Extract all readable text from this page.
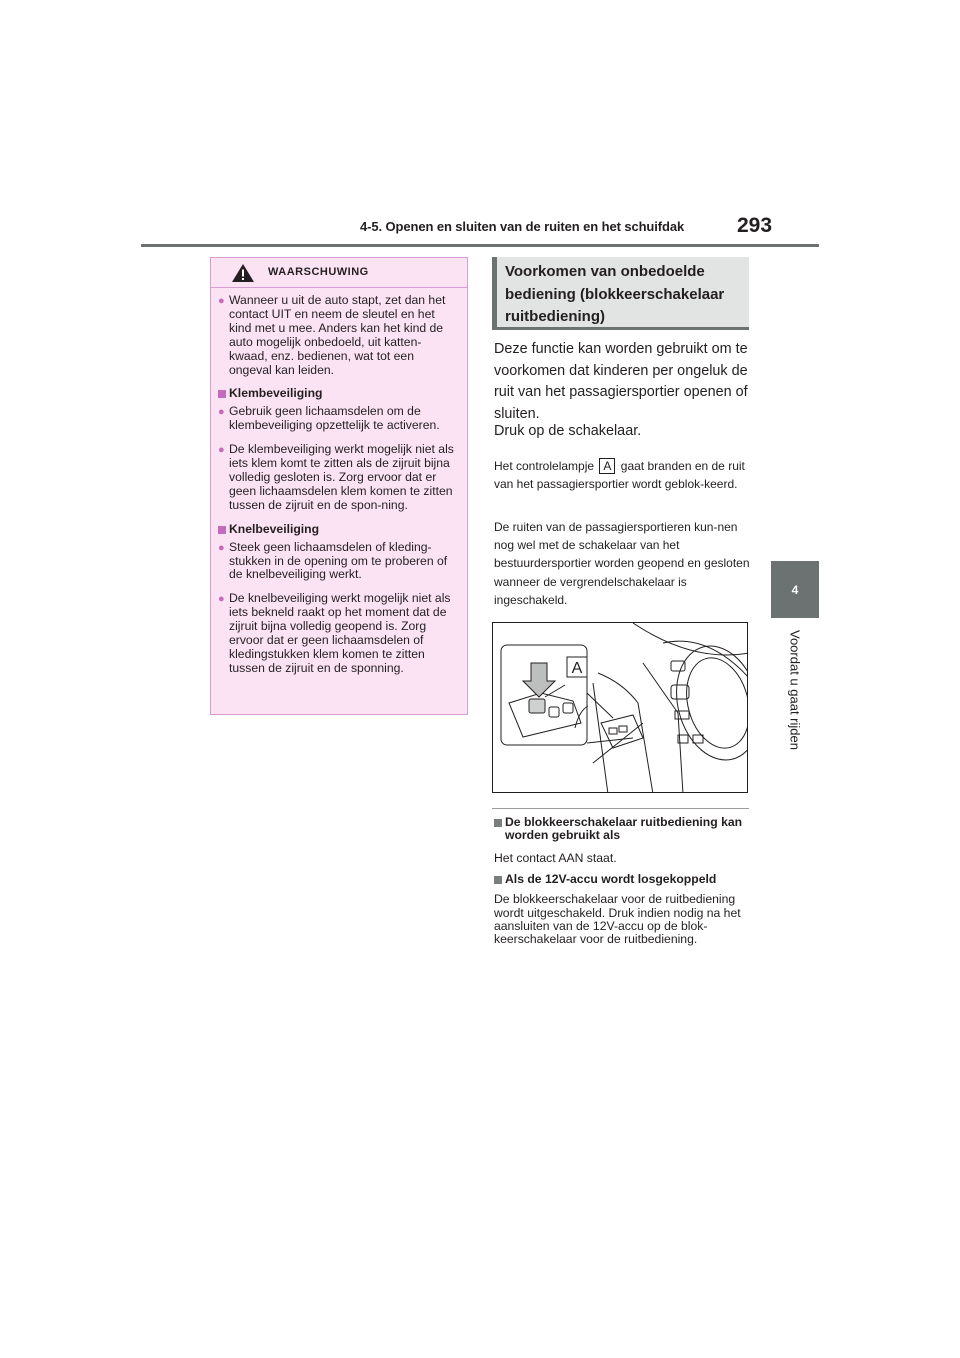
4-5. Openen en sluiten van de ruiten en het schuifdak	293
4
Voordat u gaat rijden
WAARSCHUWING
● Wanneer u uit de auto stapt, zet dan het contact UIT en neem de sleutel en het kind met u mee. Anders kan het kind de auto mogelijk onbedoeld, uit katten-kwaad, enz. bedienen, wat tot een ongeval kan leiden.
Klembeveiliging
● Gebruik geen lichaamsdelen om de klembeveiliging opzettelijk te activeren.
● De klembeveiliging werkt mogelijk niet als iets klem komt te zitten als de zijruit bijna volledig gesloten is. Zorg ervoor dat er geen lichaamsdelen klem komen te zitten tussen de zijruit en de spon-ning.
Knelbeveiliging
● Steek geen lichaamsdelen of kleding-stukken in de opening om te proberen of de knelbeveiliging werkt.
● De knelbeveiliging werkt mogelijk niet als iets bekneld raakt op het moment dat de zijruit bijna volledig geopend is. Zorg ervoor dat er geen lichaamsdelen of kledingstukken klem komen te zitten tussen de zijruit en de sponning.
Voorkomen van onbedoelde bediening (blokkeerschakelaar ruitbediening)
Deze functie kan worden gebruikt om te voorkomen dat kinderen per ongeluk de ruit van het passagiersportier openen of sluiten.
Druk op de schakelaar.
Het controlelampje A gaat branden en de ruit van het passagiersportier wordt geblok-keerd.
De ruiten van de passagiersportieren kun-nen nog wel met de schakelaar van het bestuurdersportier worden geopend en gesloten wanneer de vergrendelschakelaar is ingeschakeld.
A
De blokkeerschakelaar ruitbediening kan worden gebruikt als
Het contact AAN staat.
Als de 12V-accu wordt losgekoppeld
De blokkeerschakelaar voor de ruitbediening wordt uitgeschakeld. Druk indien nodig na het aansluiten van de 12V-accu op de blok-keerschakelaar voor de ruitbediening.
